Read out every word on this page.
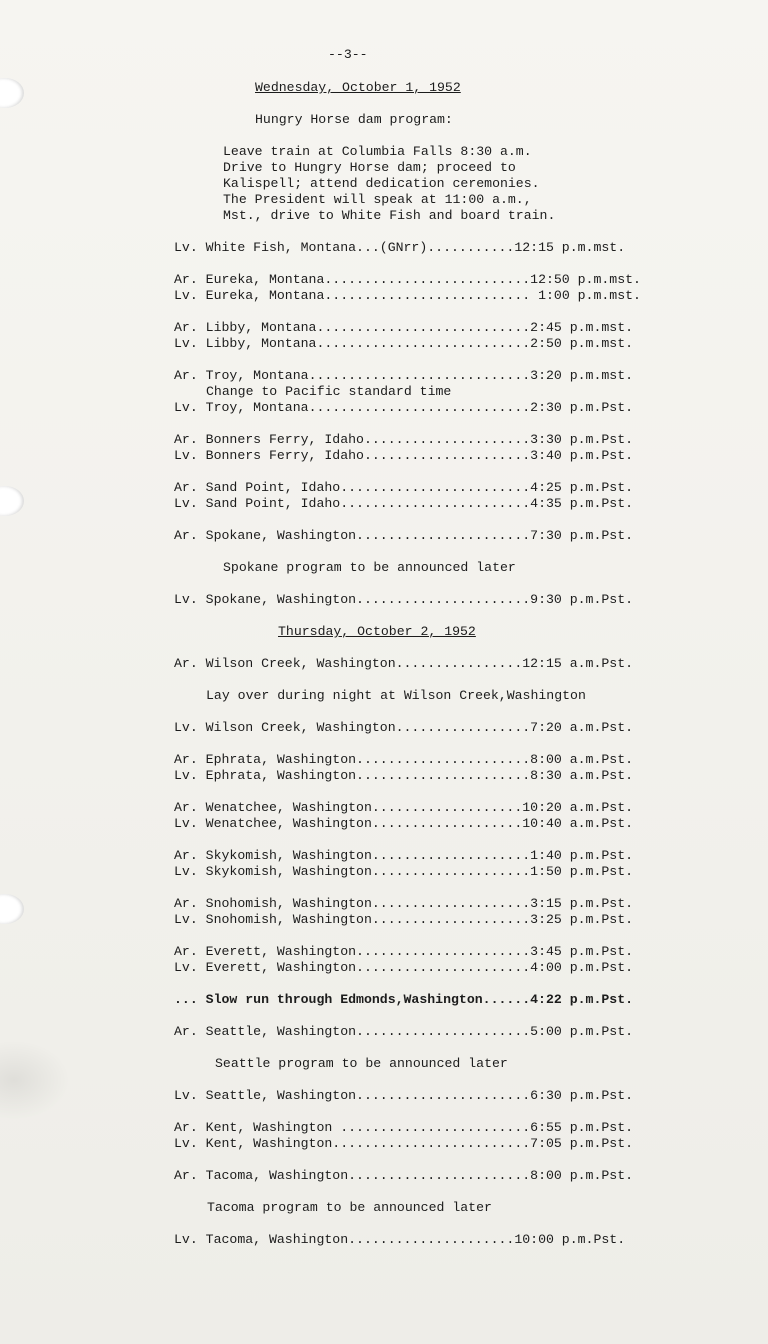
--3--
Wednesday, October 1, 1952
Hungry Horse dam program:
Leave train at Columbia Falls 8:30 a.m.
Drive to Hungry Horse dam; proceed to
Kalispell; attend dedication ceremonies.
The President will speak at 11:00 a.m.,
Mst., drive to White Fish and board train.
Lv. White Fish, Montana...(GNrr)...........12:15 p.m.mst.
Ar. Eureka, Montana..........................12:50 p.m.mst.
Lv. Eureka, Montana.......................... 1:00 p.m.mst.
Ar. Libby, Montana...........................2:45 p.m.mst.
Lv. Libby, Montana...........................2:50 p.m.mst.
Ar. Troy, Montana............................3:20 p.m.mst.
Change to Pacific standard time
Lv. Troy, Montana............................2:30 p.m.Pst.
Ar. Bonners Ferry, Idaho.....................3:30 p.m.Pst.
Lv. Bonners Ferry, Idaho.....................3:40 p.m.Pst.
Ar. Sand Point, Idaho........................4:25 p.m.Pst.
Lv. Sand Point, Idaho........................4:35 p.m.Pst.
Ar. Spokane, Washington......................7:30 p.m.Pst.
Spokane program to be announced later
Lv. Spokane, Washington......................9:30 p.m.Pst.
Thursday, October 2, 1952
Ar. Wilson Creek, Washington................12:15 a.m.Pst.
Lay over during night at Wilson Creek,Washington
Lv. Wilson Creek, Washington.................7:20 a.m.Pst.
Ar. Ephrata, Washington......................8:00 a.m.Pst.
Lv. Ephrata, Washington......................8:30 a.m.Pst.
Ar. Wenatchee, Washington...................10:20 a.m.Pst.
Lv. Wenatchee, Washington...................10:40 a.m.Pst.
Ar. Skykomish, Washington....................1:40 p.m.Pst.
Lv. Skykomish, Washington....................1:50 p.m.Pst.
Ar. Snohomish, Washington....................3:15 p.m.Pst.
Lv. Snohomish, Washington....................3:25 p.m.Pst.
Ar. Everett, Washington......................3:45 p.m.Pst.
Lv. Everett, Washington......................4:00 p.m.Pst.
... Slow run through Edmonds,Washington......4:22 p.m.Pst.
Ar. Seattle, Washington......................5:00 p.m.Pst.
Seattle program to be announced later
Lv. Seattle, Washington......................6:30 p.m.Pst.
Ar. Kent, Washington ........................6:55 p.m.Pst.
Lv. Kent, Washington.........................7:05 p.m.Pst.
Ar. Tacoma, Washington.......................8:00 p.m.Pst.
Tacoma program to be announced later
Lv. Tacoma, Washington.....................10:00 p.m.Pst.
